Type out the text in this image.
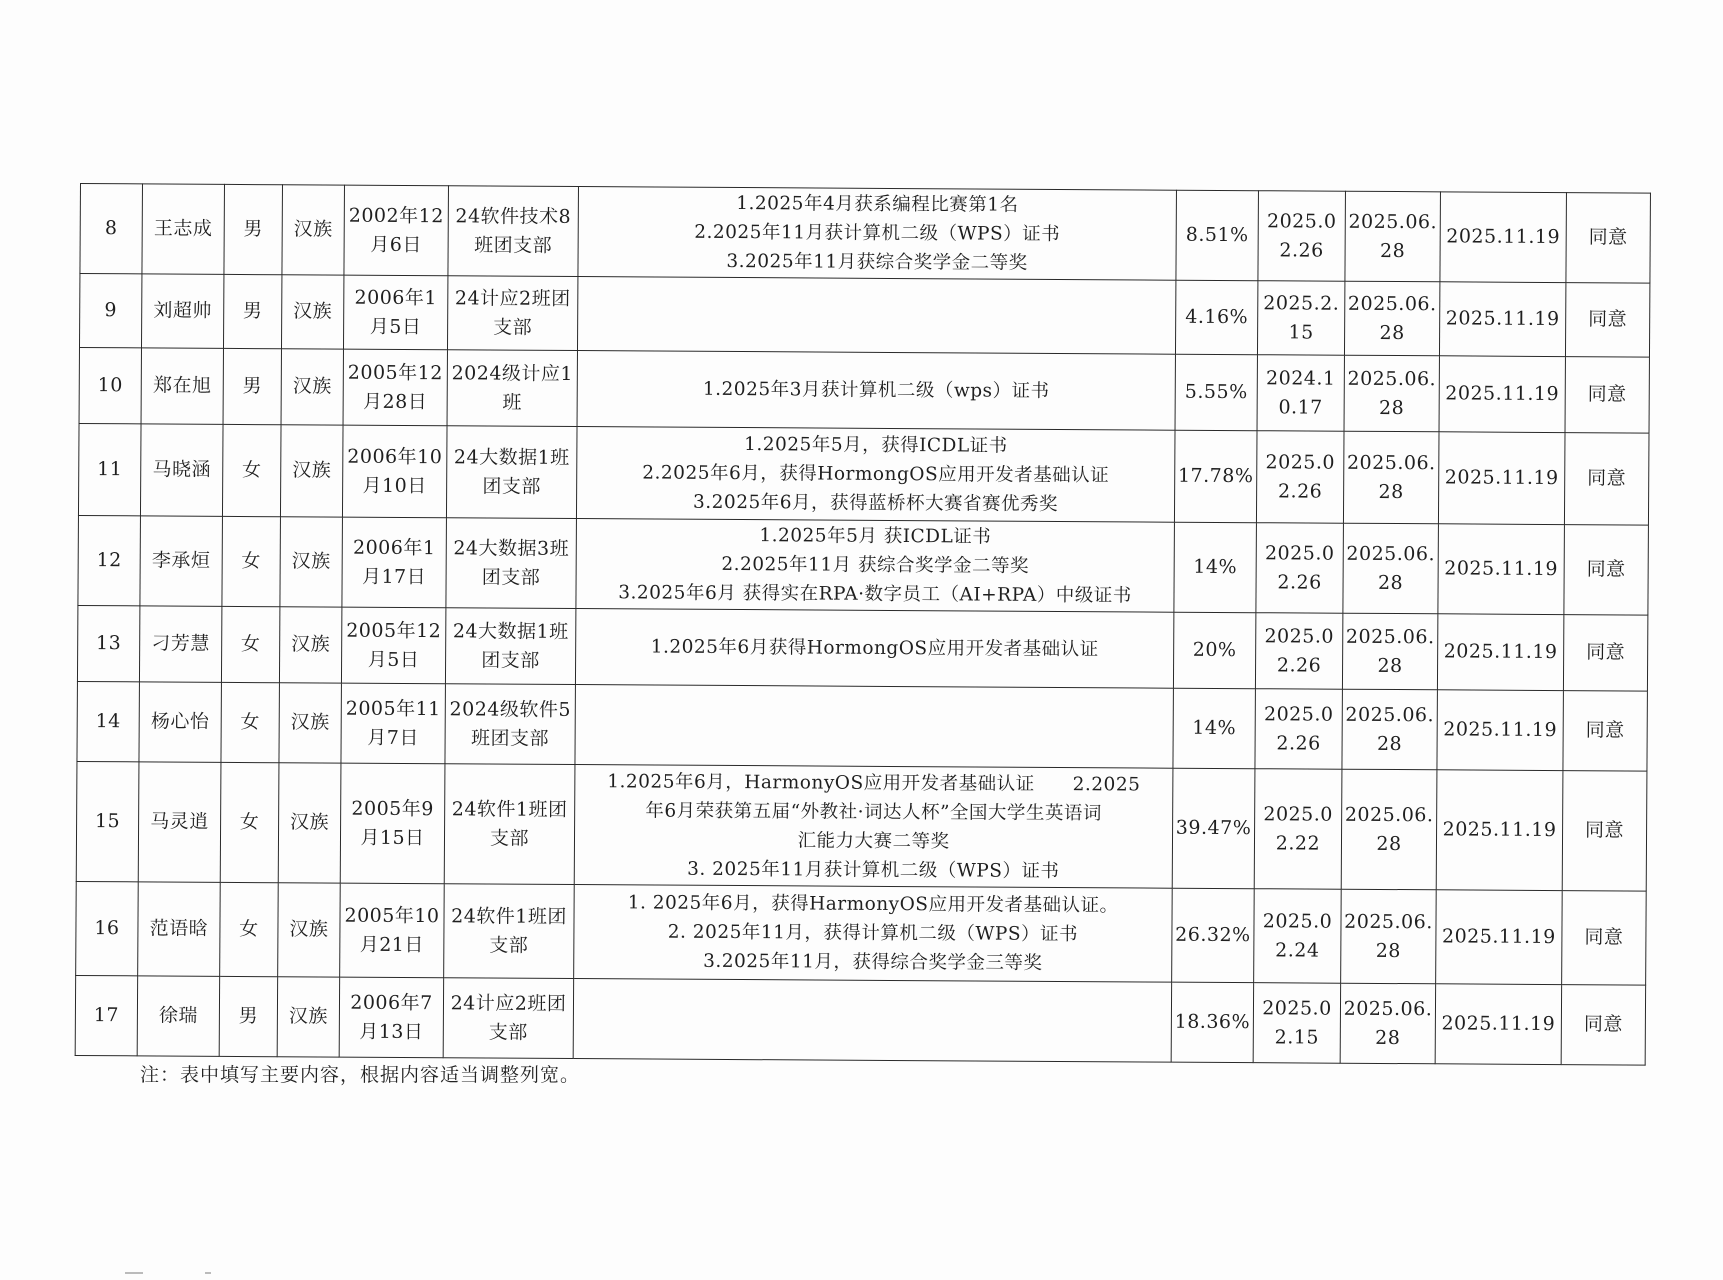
8	王志成	男	汉族	2002年12月6日	24软件技术8班团支部	1.2025年4月获系编程比赛第1名
2.2025年11月获计算机二级（WPS）证书
3.2025年11月获综合奖学金二等奖	8.51%	2025.02.26	2025.06.28	2025.11.19	同意
9	刘超帅	男	汉族	2006年1月5日	24计应2班团支部		4.16%	2025.2.15	2025.06.28	2025.11.19	同意
10	郑在旭	男	汉族	2005年12月28日	2024级计应1班	1.2025年3月获计算机二级（wps）证书	5.55%	2024.10.17	2025.06.28	2025.11.19	同意
11	马晓涵	女	汉族	2006年10月10日	24大数据1班团支部	1.2025年5月，获得ICDL证书
2.2025年6月，获得HormongOS应用开发者基础认证
3.2025年6月，获得蓝桥杯大赛省赛优秀奖	17.78%	2025.02.26	2025.06.28	2025.11.19	同意
12	李承烜	女	汉族	2006年1月17日	24大数据3班团支部	1.2025年5月 获ICDL证书
2.2025年11月 获综合奖学金二等奖
3.2025年6月 获得实在RPA·数字员工（AI+RPA）中级证书	14%	2025.02.26	2025.06.28	2025.11.19	同意
13	刁芳慧	女	汉族	2005年12月5日	24大数据1班团支部	1.2025年6月获得HormongOS应用开发者基础认证	20%	2025.02.26	2025.06.28	2025.11.19	同意
14	杨心怡	女	汉族	2005年11月7日	2024级软件5班团支部		14%	2025.02.26	2025.06.28	2025.11.19	同意
15	马灵逍	女	汉族	2005年9月15日	24软件1班团支部	1.2025年6月，HarmonyOS应用开发者基础认证　　2.2025
年6月荣获第五届“外教社·词达人杯”全国大学生英语词
汇能力大赛二等奖
3. 2025年11月获计算机二级（WPS）证书	39.47%	2025.02.22	2025.06.28	2025.11.19	同意
16	范语晗	女	汉族	2005年10月21日	24软件1班团支部	1. 2025年6月，获得HarmonyOS应用开发者基础认证。
2. 2025年11月，获得计算机二级（WPS）证书
3.2025年11月，获得综合奖学金三等奖	26.32%	2025.02.24	2025.06.28	2025.11.19	同意
17	徐瑞	男	汉族	2006年7月13日	24计应2班团支部		18.36%	2025.02.15	2025.06.28	2025.11.19	同意
注：表中填写主要内容，根据内容适当调整列宽。
